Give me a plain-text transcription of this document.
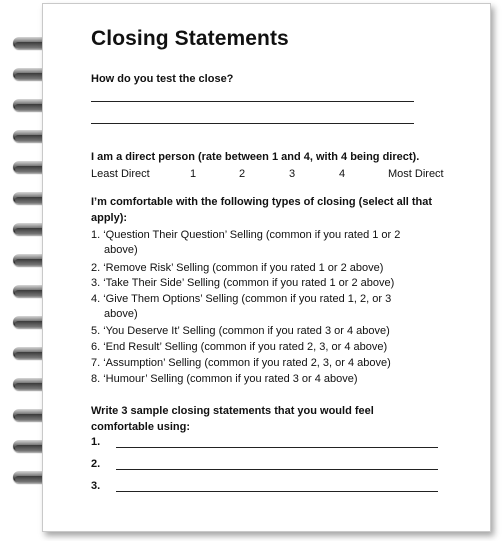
Closing Statements
How do you test the close?
I am a direct person (rate between 1 and 4, with 4 being direct).
Least Direct	1	2	3	4	Most Direct
I’m comfortable with the following types of closing (select all that
apply):
1. ‘Question Their Question’ Selling (common if you rated 1 or 2
above)
2. ‘Remove Risk’ Selling (common if you rated 1 or 2 above)
3. ‘Take Their Side’ Selling (common if you rated 1 or 2 above)
4. ‘Give Them Options’ Selling (common if you rated 1, 2, or 3
above)
5. ‘You Deserve It’ Selling (common if you rated 3 or 4 above)
6. ‘End Result’ Selling (common if you rated 2, 3, or 4 above)
7. ‘Assumption’ Selling (common if you rated 2, 3, or 4 above)
8. ‘Humour’ Selling (common if you rated 3 or 4 above)
Write 3 sample closing statements that you would feel
comfortable using:
1.
2.
3.
